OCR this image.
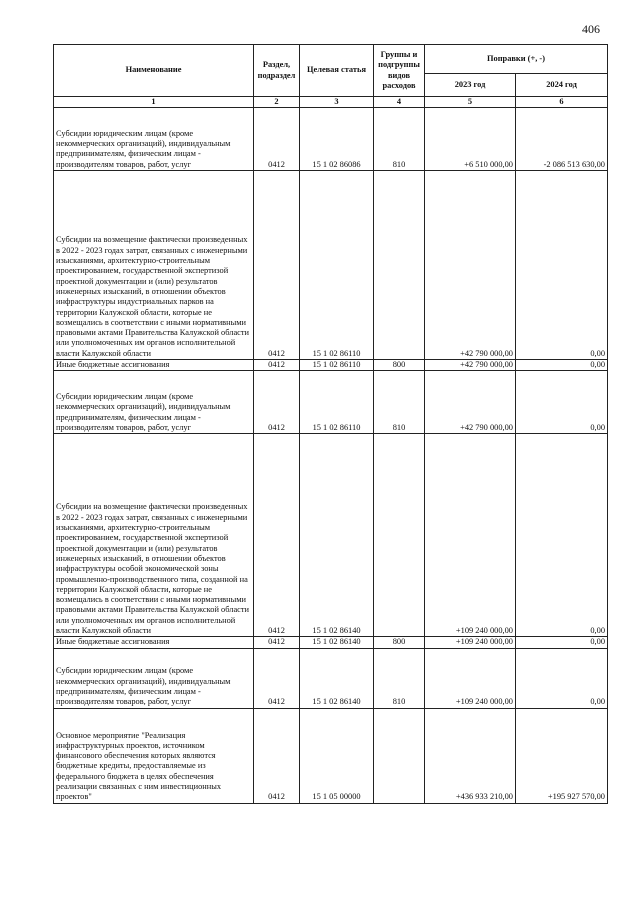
406
Наименование	Раздел, подраздел	Целевая статья	Группы и подгруппы видов расходов	Поправки (+, -)	
				2023 год	2024 год
1	2	3	4	5	6
Субсидии юридическим лицам (кроме некоммерческих организаций), индивидуальным предпринимателям, физическим лицам - производителям товаров, работ, услуг	0412	15 1 02 86086	810	+6 510 000,00	-2 086 513 630,00
Субсидии на возмещение фактически произведенных в 2022 - 2023 годах затрат, связанных с инженерными изысканиями, архитектурно-строительным проектированием, государственной экспертизой проектной документации и (или) результатов инженерных изысканий, в отношении объектов инфраструктуры индустриальных парков на территории Калужской области, которые не возмещались в соответствии с иными нормативными правовыми актами Правительства Калужской области или уполномоченных им органов исполнительной власти Калужской области	0412	15 1 02 86110		+42 790 000,00	0,00
Иные бюджетные ассигнования	0412	15 1 02 86110	800	+42 790 000,00	0,00
Субсидии юридическим лицам (кроме некоммерческих организаций), индивидуальным предпринимателям, физическим лицам - производителям товаров, работ, услуг	0412	15 1 02 86110	810	+42 790 000,00	0,00
Субсидии на возмещение фактически произведенных в 2022 - 2023 годах затрат, связанных с инженерными изысканиями, архитектурно-строительным проектированием, государственной экспертизой проектной документации и (или) результатов инженерных изысканий, в отношении объектов инфраструктуры особой экономической зоны промышленно-производственного типа, созданной на территории Калужской области, которые не возмещались в соответствии с иными нормативными правовыми актами Правительства Калужской области или уполномоченных им органов исполнительной власти Калужской области	0412	15 1 02 86140		+109 240 000,00	0,00
Иные бюджетные ассигнования	0412	15 1 02 86140	800	+109 240 000,00	0,00
Субсидии юридическим лицам (кроме некоммерческих организаций), индивидуальным предпринимателям, физическим лицам - производителям товаров, работ, услуг	0412	15 1 02 86140	810	+109 240 000,00	0,00
Основное мероприятие "Реализация инфраструктурных проектов, источником финансового обеспечения которых являются бюджетные кредиты, предоставляемые из федерального бюджета в целях обеспечения реализации связанных с ним инвестиционных проектов"	0412	15 1 05 00000		+436 933 210,00	+195 927 570,00
